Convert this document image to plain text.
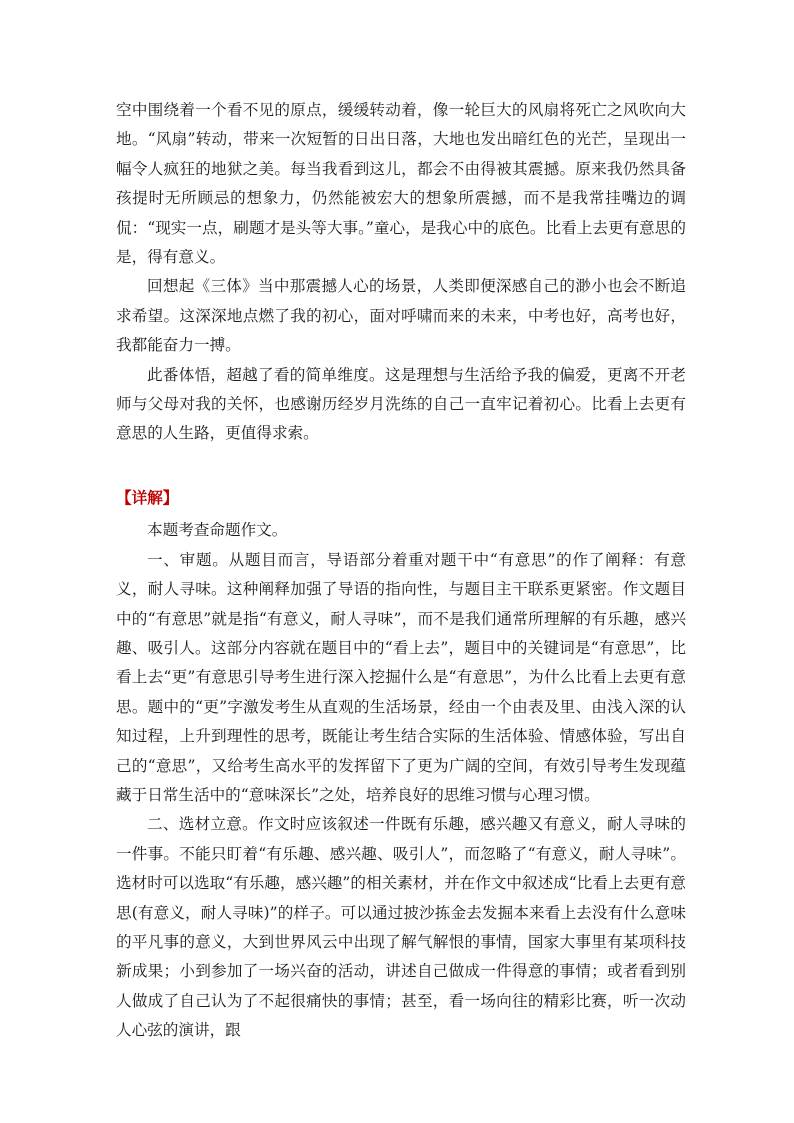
空中围绕着一个看不见的原点，缓缓转动着，像一轮巨大的风扇将死亡之风吹向大地。“风扇”转动，带来一次短暂的日出日落，大地也发出暗红色的光芒，呈现出一幅令人疯狂的地狱之美。每当我看到这儿，都会不由得被其震撼。原来我仍然具备孩提时无所顾忌的想象力，仍然能被宏大的想象所震撼，而不是我常挂嘴边的调侃：“现实一点，刷题才是头等大事。”童心，是我心中的底色。比看上去更有意思的是，得有意义。

回想起《三体》当中那震撼人心的场景，人类即便深感自己的渺小也会不断追求希望。这深深地点燃了我的初心，面对呼啸而来的未来，中考也好，高考也好，我都能奋力一搏。

此番体悟，超越了看的简单维度。这是理想与生活给予我的偏爱，更离不开老师与父母对我的关怀，也感谢历经岁月洗练的自己一直牢记着初心。比看上去更有意思的人生路，更值得求索。

【详解】

本题考查命题作文。

一、审题。从题目而言，导语部分着重对题干中“有意思”的作了阐释：有意义，耐人寻味。这种阐释加强了导语的指向性，与题目主干联系更紧密。作文题目中的“有意思”就是指“有意义，耐人寻味”，而不是我们通常所理解的有乐趣，感兴趣、吸引人。这部分内容就在题目中的“看上去”，题目中的关键词是“有意思”，比看上去“更”有意思引导考生进行深入挖掘什么是“有意思”，为什么比看上去更有意思。题中的“更”字激发考生从直观的生活场景，经由一个由表及里、由浅入深的认知过程，上升到理性的思考，既能让考生结合实际的生活体验、情感体验，写出自己的“意思”，又给考生高水平的发挥留下了更为广阔的空间，有效引导考生发现蕴藏于日常生活中的“意味深长”之处，培养良好的思维习惯与心理习惯。

二、选材立意。作文时应该叙述一件既有乐趣，感兴趣又有意义，耐人寻味的一件事。不能只盯着“有乐趣、感兴趣、吸引人”，而忽略了“有意义，耐人寻味”。选材时可以选取“有乐趣，感兴趣”的相关素材，并在作文中叙述成“比看上去更有意思(有意义，耐人寻味)”的样子。可以通过披沙拣金去发掘本来看上去没有什么意味的平凡事的意义，大到世界风云中出现了解气解恨的事情，国家大事里有某项科技新成果；小到参加了一场兴奋的活动，讲述自己做成一件得意的事情；或者看到别人做成了自己认为了不起很痛快的事情；甚至，看一场向往的精彩比赛，听一次动人心弦的演讲，跟
